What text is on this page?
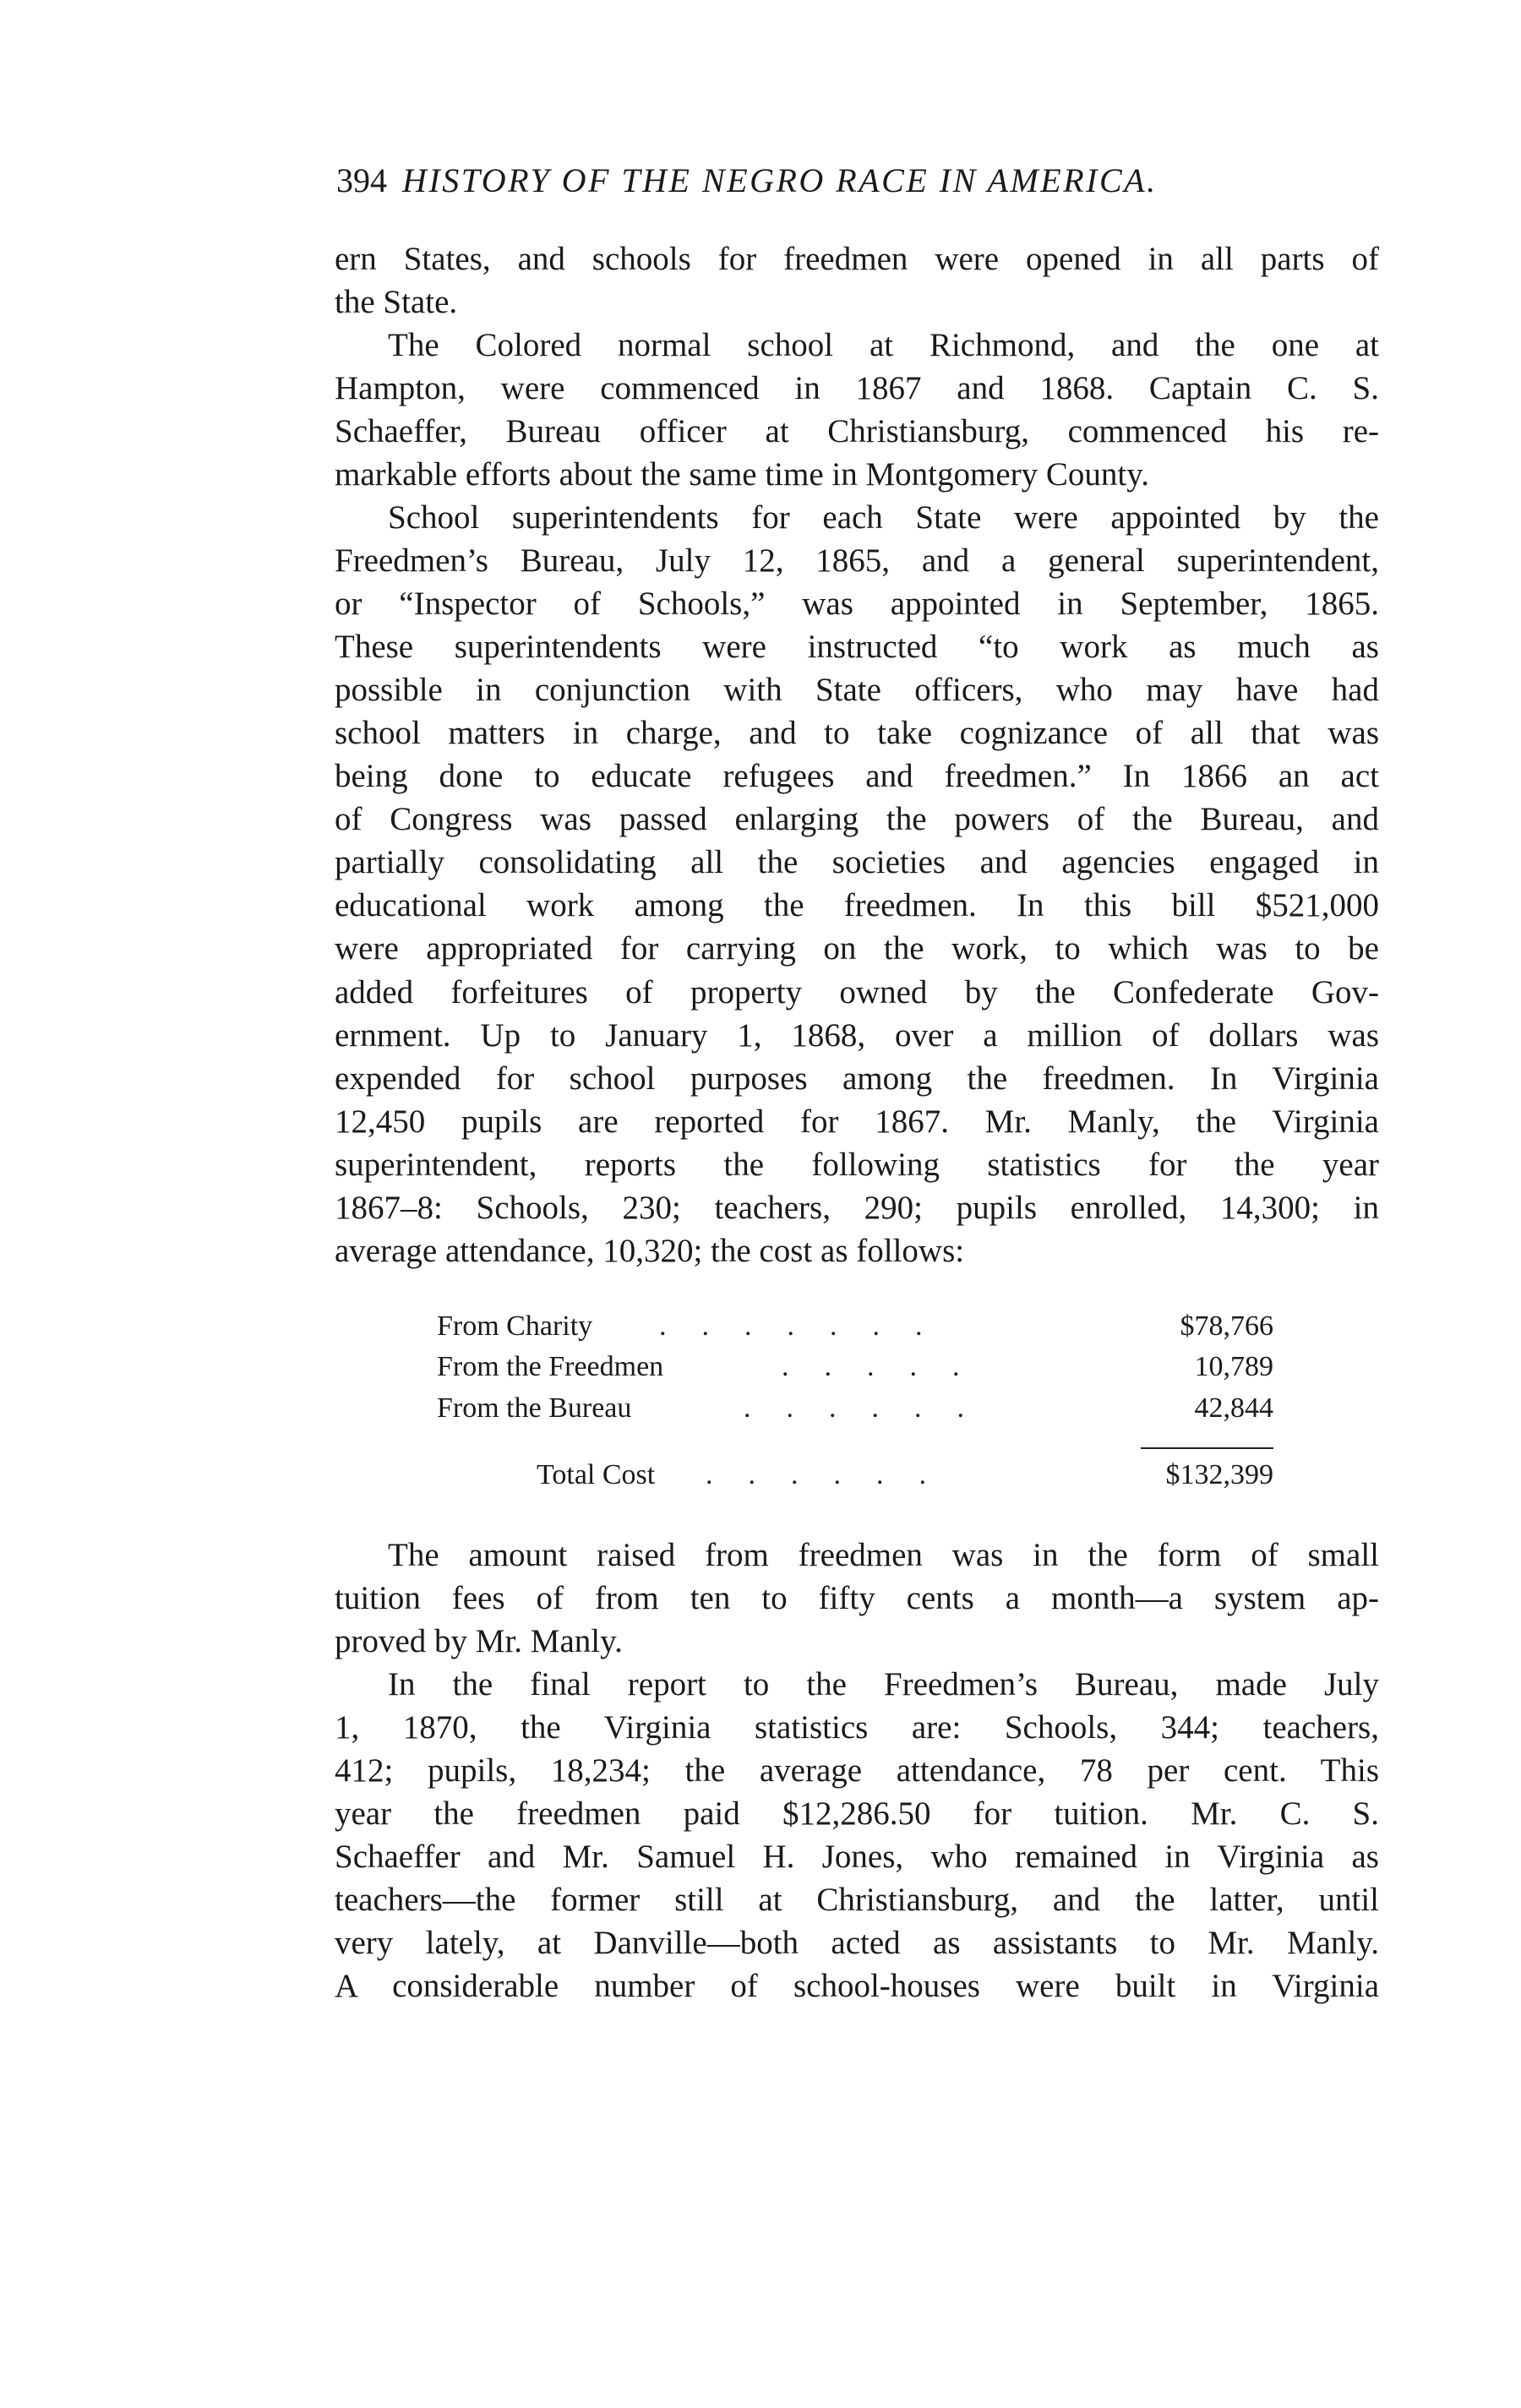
394 HISTORY OF THE NEGRO RACE IN AMERICA.
ern States, and schools for freedmen were opened in all parts of
the State.
The Colored normal school at Richmond, and the one at
Hampton, were commenced in 1867 and 1868. Captain C. S.
Schaeffer, Bureau officer at Christiansburg, commenced his re-
markable efforts about the same time in Montgomery County.
School superintendents for each State were appointed by the
Freedmen’s Bureau, July 12, 1865, and a general superintendent,
or “Inspector of Schools,” was appointed in September, 1865.
These superintendents were instructed “to work as much as
possible in conjunction with State officers, who may have had
school matters in charge, and to take cognizance of all that was
being done to educate refugees and freedmen.” In 1866 an act
of Congress was passed enlarging the powers of the Bureau, and
partially consolidating all the societies and agencies engaged in
educational work among the freedmen. In this bill $521,000
were appropriated for carrying on the work, to which was to be
added forfeitures of property owned by the Confederate Gov-
ernment. Up to January 1, 1868, over a million of dollars was
expended for school purposes among the freedmen. In Virginia
12,450 pupils are reported for 1867. Mr. Manly, the Virginia
superintendent, reports the following statistics for the year
1867–8: Schools, 230; teachers, 290; pupils enrolled, 14,300; in
average attendance, 10,320; the cost as follows:
The amount raised from freedmen was in the form of small
tuition fees of from ten to fifty cents a month—a system ap-
proved by Mr. Manly.
In the final report to the Freedmen’s Bureau, made July
1, 1870, the Virginia statistics are: Schools, 344; teachers,
412; pupils, 18,234; the average attendance, 78 per cent. This
year the freedmen paid $12,286.50 for tuition. Mr. C. S.
Schaeffer and Mr. Samuel H. Jones, who remained in Virginia as
teachers—the former still at Christiansburg, and the latter, until
very lately, at Danville—both acted as assistants to Mr. Manly.
A considerable number of school-houses were built in Virginia
From Charity .......	$78,766
From the Freedmen	.....	10,789
From the Bureau	......	42,844
Total Cost ......	$132,399
